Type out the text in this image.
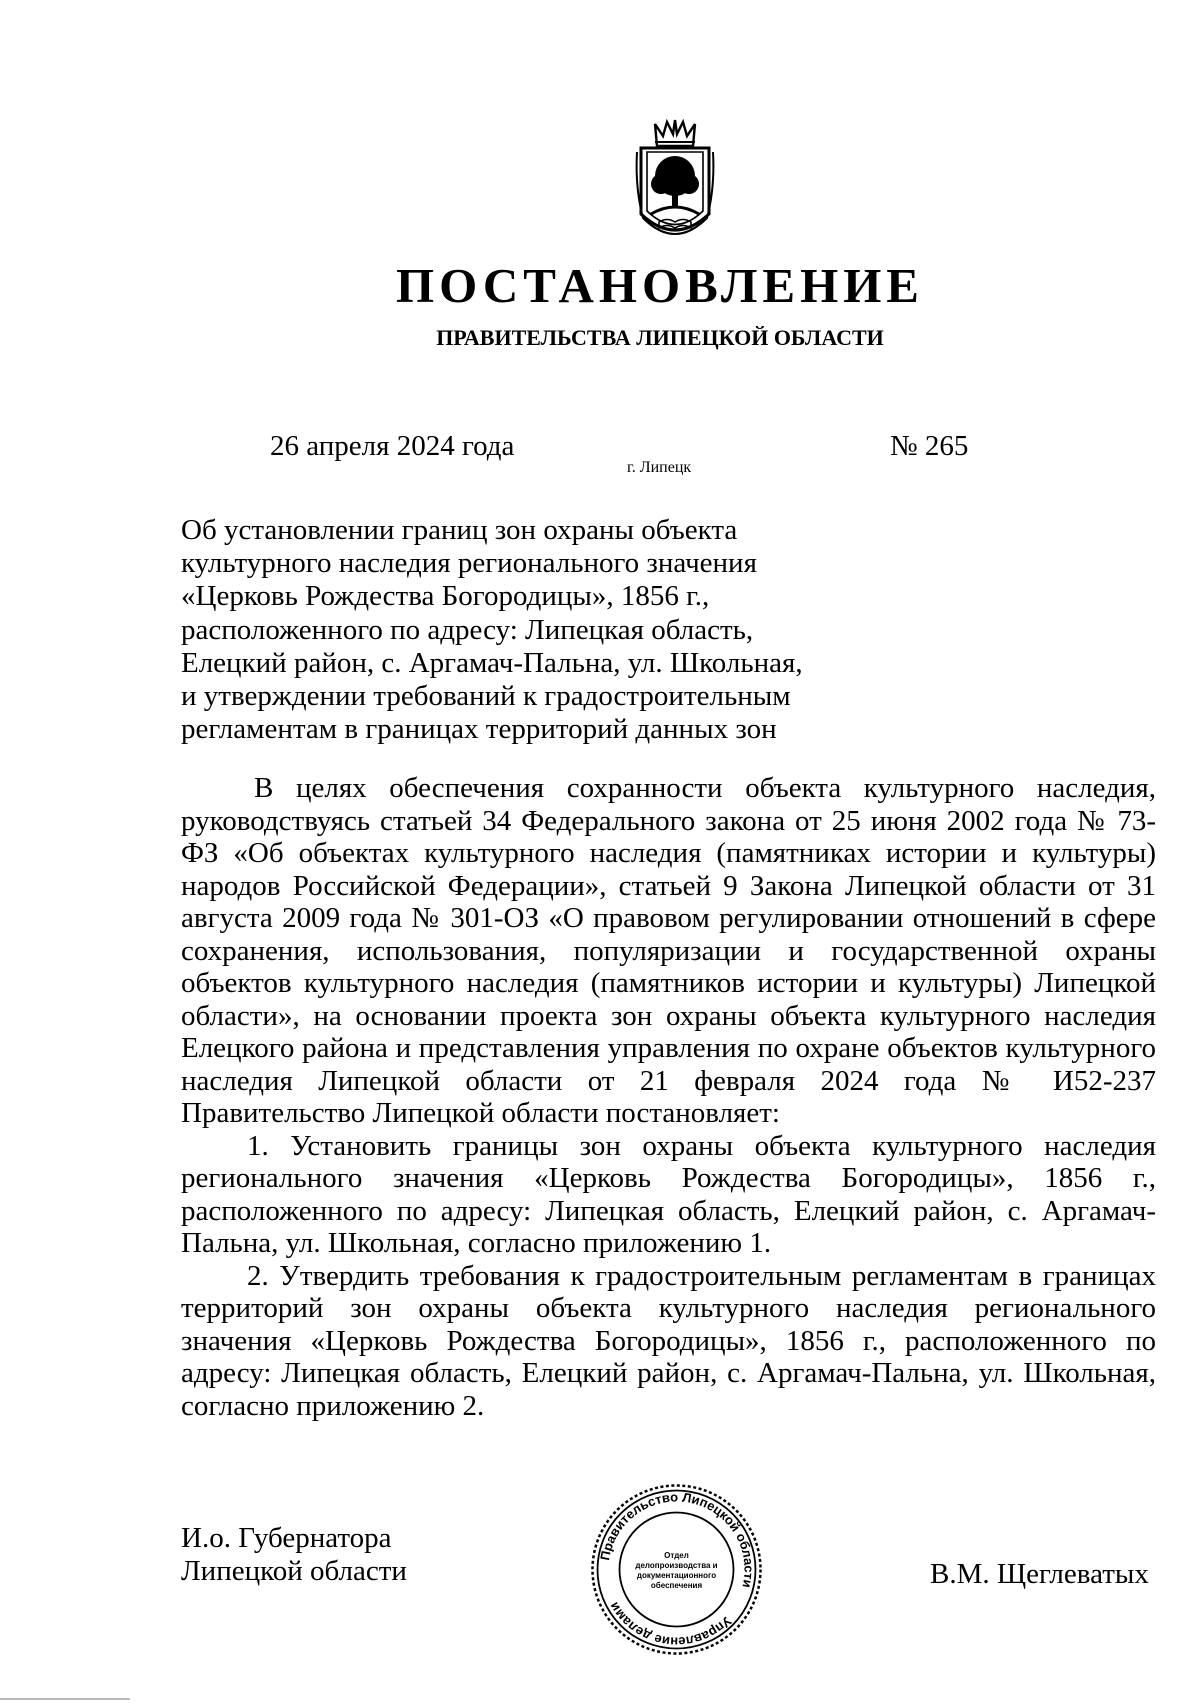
ПОСТАНОВЛЕНИЕ
ПРАВИТЕЛЬСТВА ЛИПЕЦКОЙ ОБЛАСТИ
26 апреля 2024 года
г. Липецк
№ 265
Об установлении границ зон охраны объекта
культурного наследия регионального значения
«Церковь Рождества Богородицы», 1856 г.,
расположенного по адресу: Липецкая область,
Елецкий район, с. Аргамач-Пальна, ул. Школьная,
и утверждении требований к градостроительным
регламентам в границах территорий данных зон

В целях обеспечения сохранности объекта культурного наследия, руководствуясь статьей 34 Федерального закона от 25 июня 2002 года № 73-ФЗ «Об объектах культурного наследия (памятниках истории и культуры) народов Российской Федерации», статьей 9 Закона Липецкой области от 31 августа 2009 года № 301-ОЗ «О правовом регулировании отношений в сфере сохранения, использования, популяризации и государственной охраны объектов культурного наследия (памятников истории и культуры) Липецкой области», на основании проекта зон охраны объекта культурного наследия Елецкого района и представления управления по охране объектов культурного наследия Липецкой области от 21 февраля 2024 года № И52-237 Правительство Липецкой области постановляет:

1. Установить границы зон охраны объекта культурного наследия регионального значения «Церковь Рождества Богородицы», 1856 г., расположенного по адресу: Липецкая область, Елецкий район, с. Аргамач-Пальна, ул. Школьная, согласно приложению 1.

2. Утвердить требования к градостроительным регламентам в границах территорий зон охраны объекта культурного наследия регионального значения «Церковь Рождества Богородицы», 1856 г., расположенного по адресу: Липецкая область, Елецкий район, с. Аргамач-Пальна, ул. Школьная, согласно приложению 2.

И.о. Губернатора
Липецкой области	Правительство Липецкой области
Управление делами
Отдел
делопроизводства и
документационного
обеспечения	В.М. Щеглеватых
